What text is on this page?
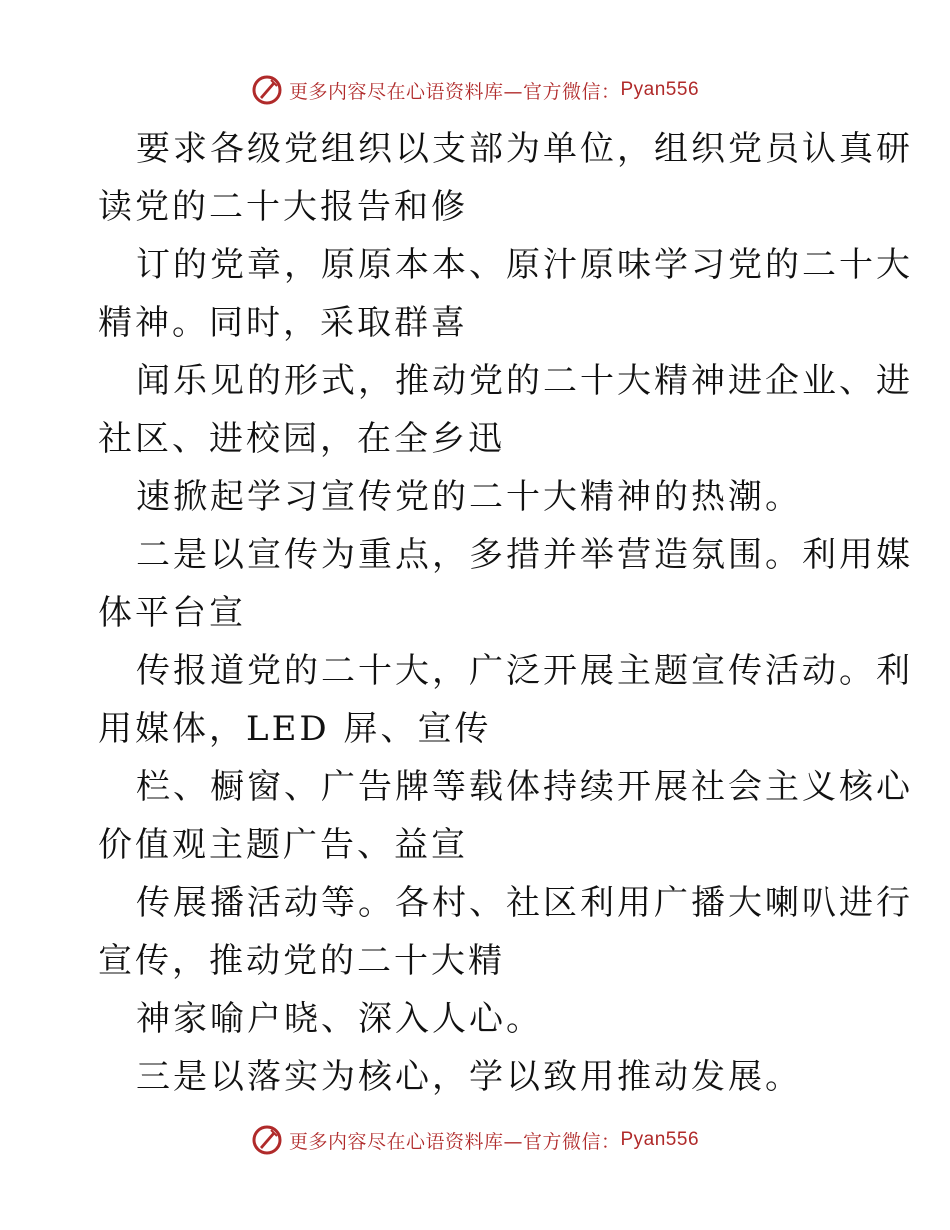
更多内容尽在心语资料库—官方微信： Pyan556
要求各级党组织以支部为单位，组织党员认真研
读党的二十大报告和修
订的党章，原原本本、原汁原味学习党的二十大
精神。同时，采取群喜
闻乐见的形式，推动党的二十大精神进企业、进
社区、进校园，在全乡迅
速掀起学习宣传党的二十大精神的热潮。
二是以宣传为重点，多措并举营造氛围。利用媒
体平台宣
传报道党的二十大，广泛开展主题宣传活动。利
用媒体，LED 屏、宣传
栏、橱窗、广告牌等载体持续开展社会主义核心
价值观主题广告、益宣
传展播活动等。各村、社区利用广播大喇叭进行
宣传，推动党的二十大精
神家喻户晓、深入人心。
三是以落实为核心，学以致用推动发展。
更多内容尽在心语资料库—官方微信： Pyan556
